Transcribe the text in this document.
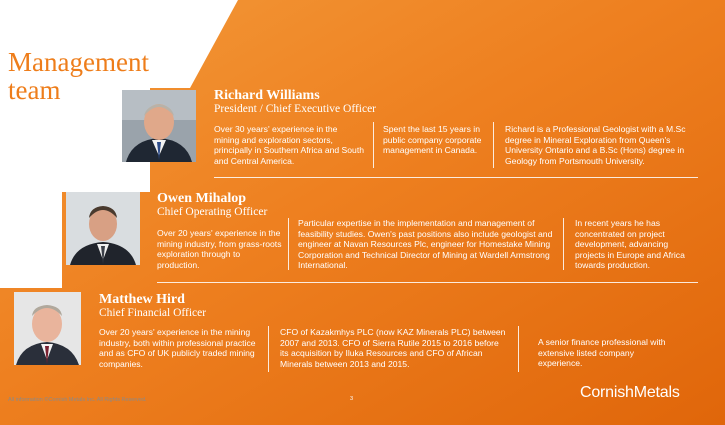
Management
team	Richard Williams
President / Chief Executive Officer
Over 30 years' experience in the mining and exploration sectors, principally in Southern Africa and South and Central America.
Spent the last 15 years in public company corporate management in Canada.
Richard is a Professional Geologist with a M.Sc degree in Mineral Exploration from Queen's University Ontario and a B.Sc (Hons) degree in Geology from Portsmouth University.
Owen Mihalop
Chief Operating Officer
Over 20 years' experience in the mining industry, from grass-roots exploration through to production.
Particular expertise in the implementation and management of feasibility studies. Owen's past positions also include geologist and engineer at Navan Resources Plc, engineer for Homestake Mining Corporation and Technical Director of Mining at Wardell Armstrong International.
In recent years he has concentrated on project development, advancing projects in Europe and Africa towards production.
Matthew Hird
Chief Financial Officer
Over 20 years' experience in the mining industry, both within professional practice and as CFO of UK publicly traded mining companies.
CFO of Kazakmhys PLC (now KAZ Minerals PLC) between 2007 and 2013. CFO of Sierra Rutile 2015 to 2016 before its acquisition by Iluka Resources and CFO of African Minerals between 2013 and 2015.
A senior finance professional with extensive listed company experience.
All information ©Cornish Metals Inc. All Rights Reserved.	3	CornishMetals
